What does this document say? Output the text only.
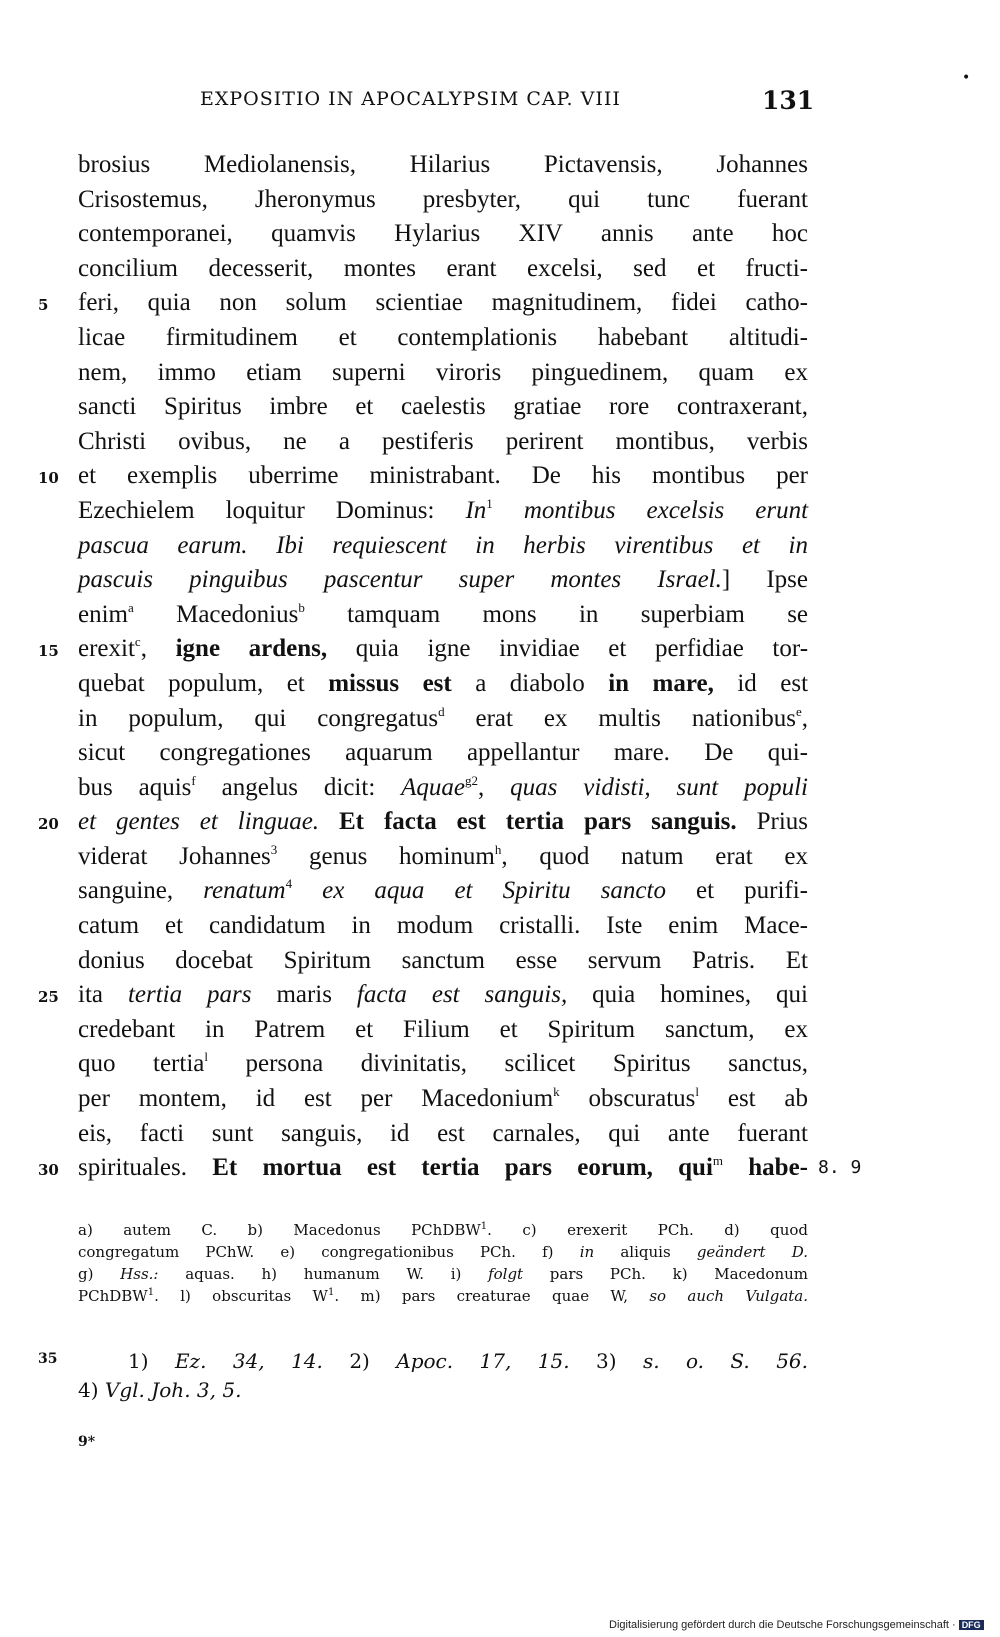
EXPOSITIO IN APOCALYPSIM CAP. VIII	131
•
brosius Mediolanensis, Hilarius Pictavensis, Johannes
Crisostemus, Jheronymus presbyter, qui tunc fuerant
contemporanei, quamvis Hylarius XIV annis ante hoc
concilium decesserit, montes erant excelsi, sed et fructi-
5 feri, quia non solum scientiae magnitudinem, fidei catho-
licae firmitudinem et contemplationis habebant altitudi-
nem, immo etiam superni viroris pinguedinem, quam ex
sancti Spiritus imbre et caelestis gratiae rore contraxerant,
Christi ovibus, ne a pestiferis perirent montibus, verbis
10 et exemplis uberrime ministrabant. De his montibus per
Ezechielem loquitur Dominus: In$^1$ montibus excelsis erunt
pascua earum. Ibi requiescent in herbis virentibus et in
pascuis pinguibus pascentur super montes Israel.] Ipse
enim$^a$ Macedonius$^b$ tamquam mons in superbiam se
15 erexit$^c$, igne ardens, quia igne invidiae et perfidiae tor-
quebat populum, et missus est a diabolo in mare, id est
in populum, qui congregatus$^d$ erat ex multis nationibus$^e$,
sicut congregationes aquarum appellantur mare. De qui-
bus aquis$^f$ angelus dicit: Aquae$^{g2}$, quas vidisti, sunt populi
20 et gentes et linguae. Et facta est tertia pars sanguis. Prius
viderat Johannes$^3$ genus hominum$^h$, quod natum erat ex
sanguine, renatum$^4$ ex aqua et Spiritu sancto et purifi-
catum et candidatum in modum cristalli. Iste enim Mace-
donius docebat Spiritum sanctum esse servum Patris. Et
25 ita tertia pars maris facta est sanguis, quia homines, qui
credebant in Patrem et Filium et Spiritum sanctum, ex
quo tertia$^l$ persona divinitatis, scilicet Spiritus sanctus,
per montem, id est per Macedonium$^k$ obscuratus$^l$ est ab
eis, facti sunt sanguis, id est carnales, qui ante fuerant
30 spirituales. Et mortua est tertia pars eorum, qui$^m$ habe- 8. 9
a) autem C. b) Macedonus PChDBW$^1$. c) erexerit PCh. d) quod
congregatum PChW. e) congregationibus PCh. f) in aliquis geändert D.
g) Hss.: aquas. h) humanum W. i) folgt pars PCh. k) Macedonum
PChDBW$^1$. l) obscuritas $W^1$. m) pars creaturae quae W, so auch Vulgata.
35	1) Ez. 34, 14. 2) Apoc. 17, 15. 3) s. o. S. 56.
4) Vgl. Joh. 3, 5.
9*
Digitalisierung gefördert durch die Deutsche Forschungsgemeinschaft · DFG
